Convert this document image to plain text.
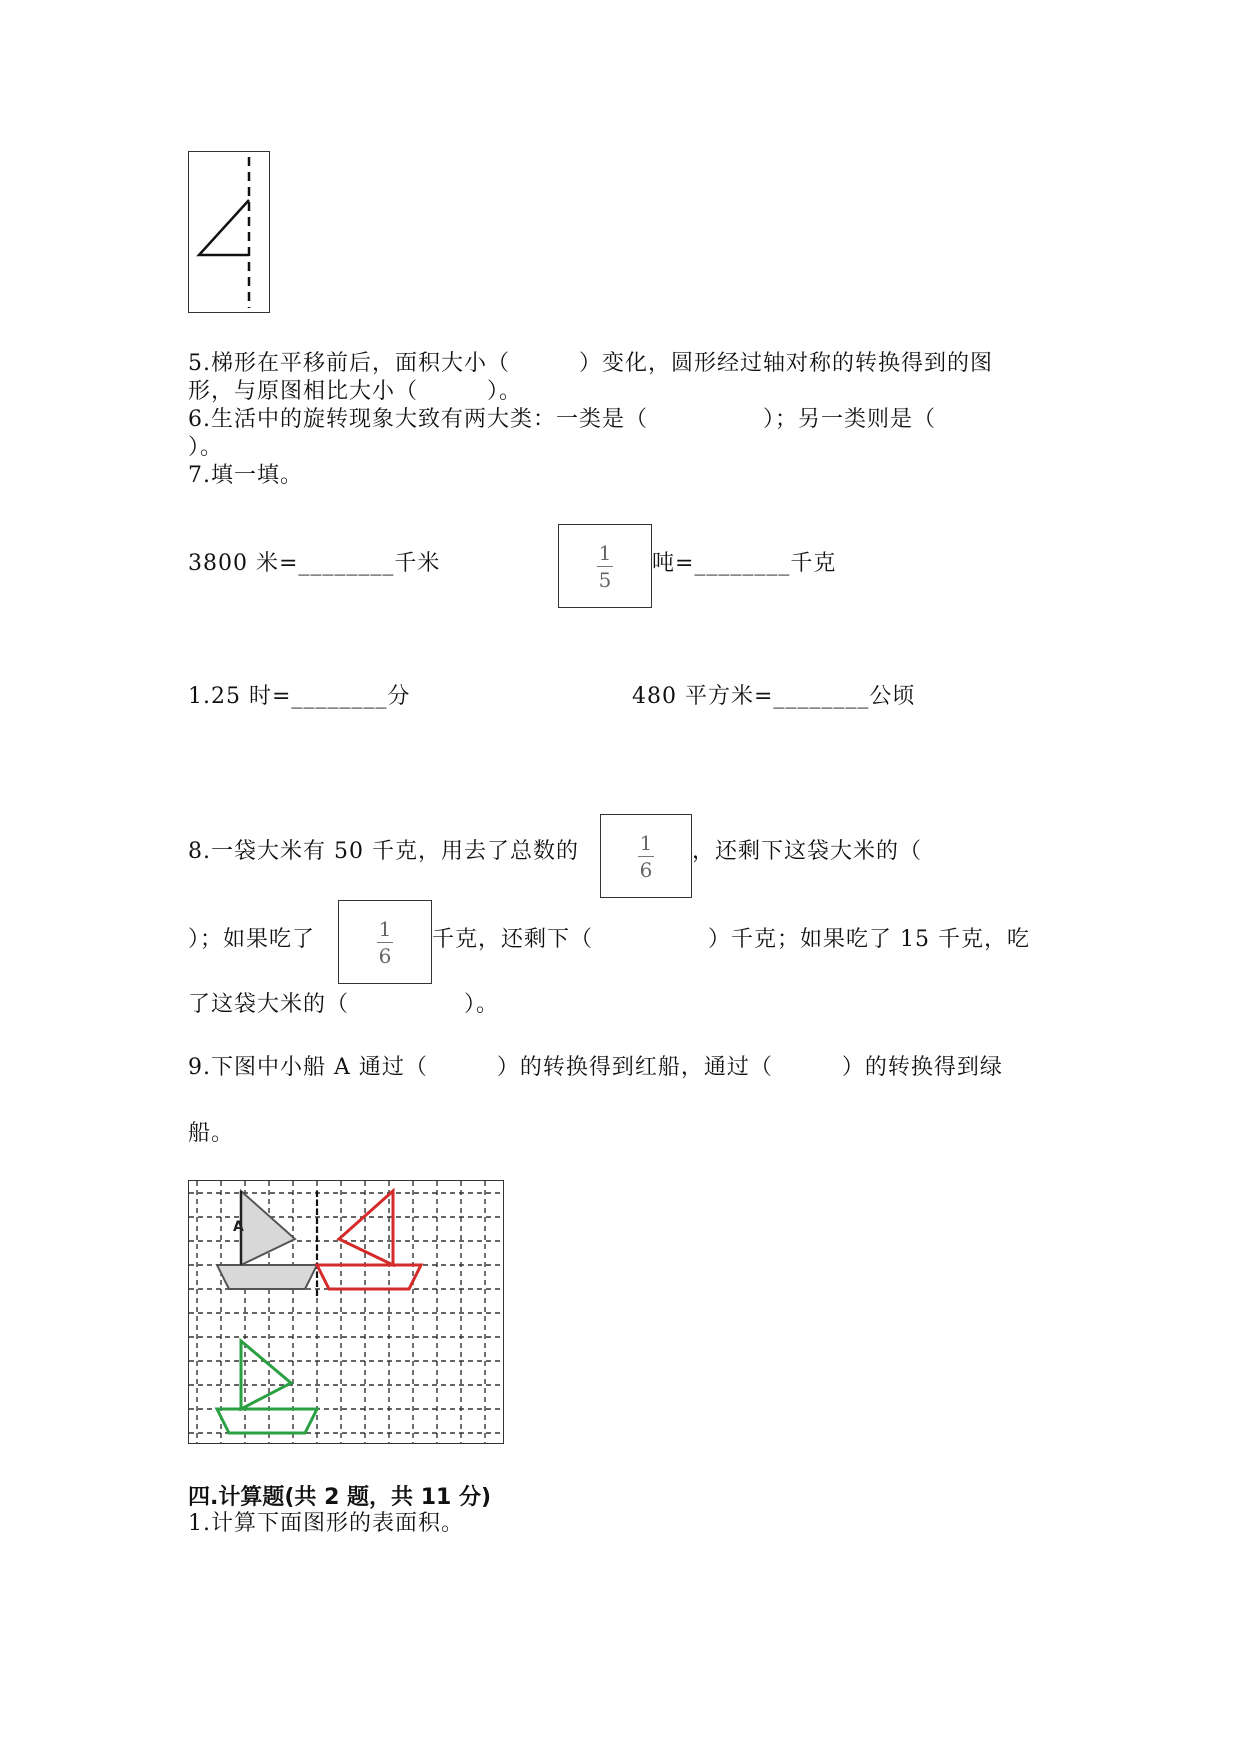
5.梯形在平移前后，面积大小（　　　）变化，圆形经过轴对称的转换得到的图
形，与原图相比大小（　　　）。
6.生活中的旋转现象大致有两大类：一类是（　　　　　）；另一类则是（
）。
7.填一填。
3800 米=________千米	$\frac{1}{5}$ 吨=________千克
1.25 时=________分	480 平方米=________公顷
8.一袋大米有 50 千克，用去了总数的	$\frac{1}{6}$ ，还剩下这袋大米的（
）；如果吃了	$\frac{1}{6}$ 千克，还剩下（　　　　　）千克；如果吃了 15 千克，吃
了这袋大米的（　　　　　）。
9.下图中小船 A 通过（　　　）的转换得到红船，通过（　　　）的转换得到绿
船。
A
四.计算题(共 2 题，共 11 分)
1.计算下面图形的表面积。
